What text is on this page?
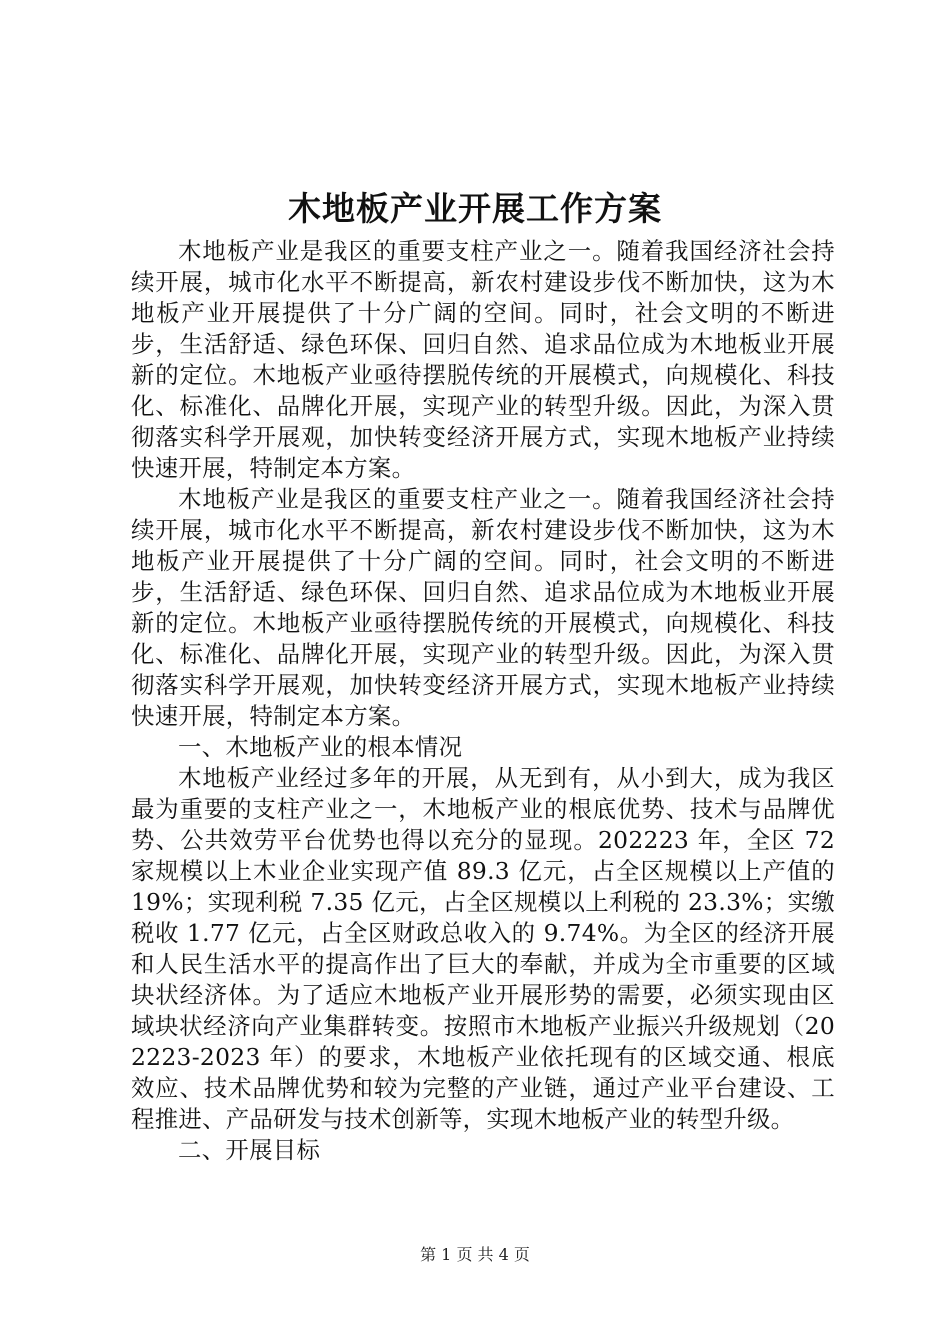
木地板产业开展工作方案

木地板产业是我区的重要支柱产业之一。随着我国经济社会持续开展，城市化水平不断提高，新农村建设步伐不断加快，这为木地板产业开展提供了十分广阔的空间。同时，社会文明的不断进步，生活舒适、绿色环保、回归自然、追求品位成为木地板业开展新的定位。木地板产业亟待摆脱传统的开展模式，向规模化、科技化、标准化、品牌化开展，实现产业的转型升级。因此，为深入贯彻落实科学开展观，加快转变经济开展方式，实现木地板产业持续快速开展，特制定本方案。

木地板产业是我区的重要支柱产业之一。随着我国经济社会持续开展，城市化水平不断提高，新农村建设步伐不断加快，这为木地板产业开展提供了十分广阔的空间。同时，社会文明的不断进步，生活舒适、绿色环保、回归自然、追求品位成为木地板业开展新的定位。木地板产业亟待摆脱传统的开展模式，向规模化、科技化、标准化、品牌化开展，实现产业的转型升级。因此，为深入贯彻落实科学开展观，加快转变经济开展方式，实现木地板产业持续快速开展，特制定本方案。

一、木地板产业的根本情况

木地板产业经过多年的开展，从无到有，从小到大，成为我区最为重要的支柱产业之一，木地板产业的根底优势、技术与品牌优势、公共效劳平台优势也得以充分的显现。202223 年，全区 72 家规模以上木业企业实现产值 89.3 亿元，占全区规模以上产值的 19%；实现利税 7.35 亿元，占全区规模以上利税的 23.3%；实缴税收 1.77 亿元，占全区财政总收入的 9.74%。为全区的经济开展和人民生活水平的提高作出了巨大的奉献，并成为全市重要的区域块状经济体。为了适应木地板产业开展形势的需要，必须实现由区域块状经济向产业集群转变。按照市木地板产业振兴升级规划（202223-2023 年）的要求，木地板产业依托现有的区域交通、根底效应、技术品牌优势和较为完整的产业链，通过产业平台建设、工程推进、产品研发与技术创新等，实现木地板产业的转型升级。

二、开展目标

第 1 页 共 4 页
